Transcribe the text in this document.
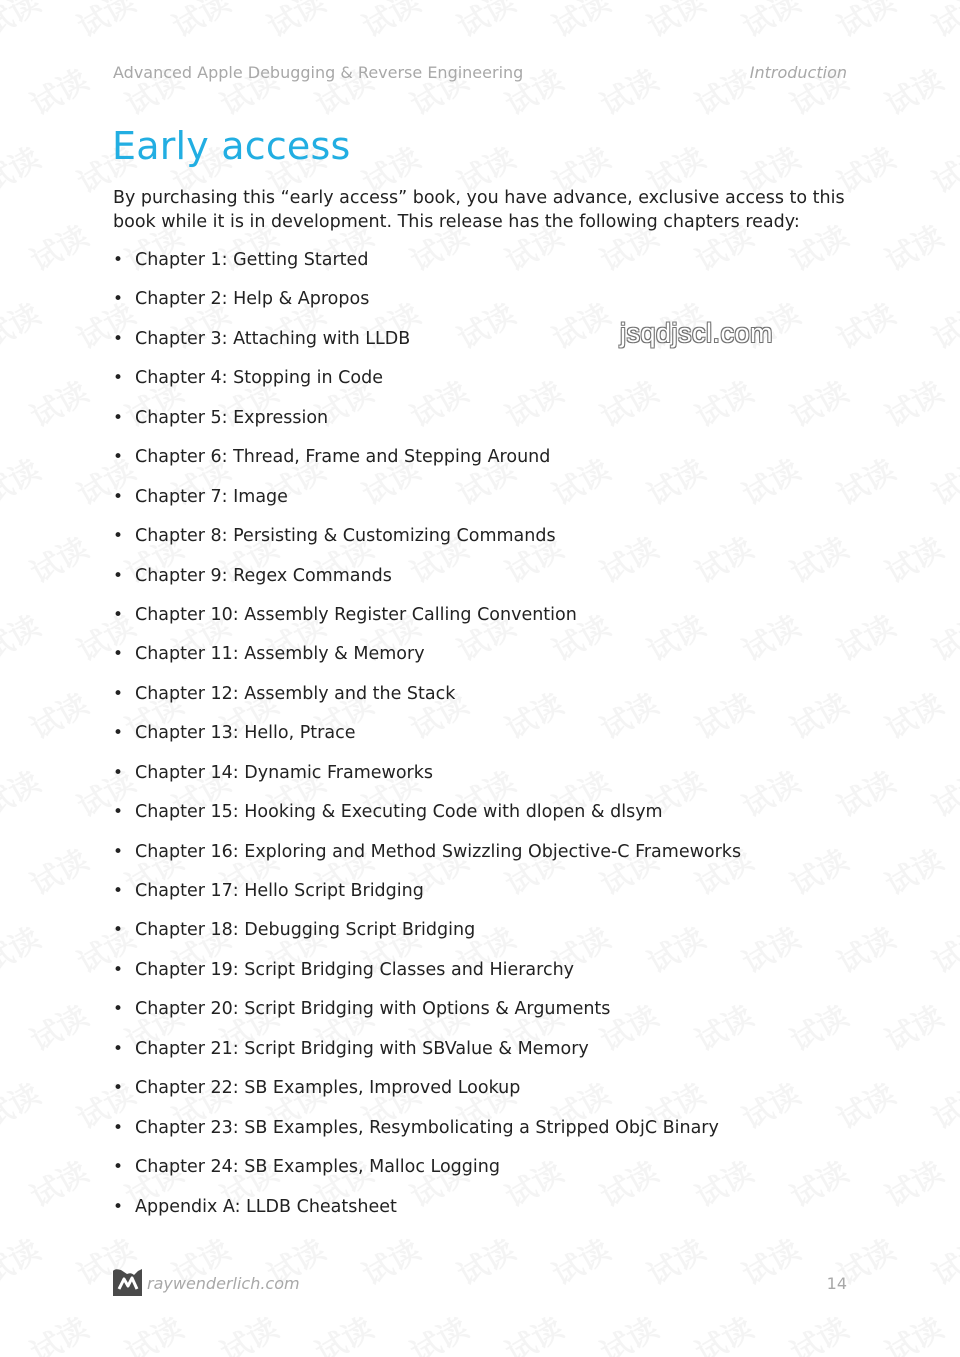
Advanced Apple Debugging & Reverse Engineering	Introduction
Early access

By purchasing this “early access” book, you have advance, exclusive access to this book while it is in development. This release has the following chapters ready:

• Chapter 1: Getting Started
• Chapter 2: Help & Apropos
• Chapter 3: Attaching with LLDB
• Chapter 4: Stopping in Code
• Chapter 5: Expression
• Chapter 6: Thread, Frame and Stepping Around
• Chapter 7: Image
• Chapter 8: Persisting & Customizing Commands
• Chapter 9: Regex Commands
• Chapter 10: Assembly Register Calling Convention
• Chapter 11: Assembly & Memory
• Chapter 12: Assembly and the Stack
• Chapter 13: Hello, Ptrace
• Chapter 14: Dynamic Frameworks
• Chapter 15: Hooking & Executing Code with dlopen & dlsym
• Chapter 16: Exploring and Method Swizzling Objective-C Frameworks
• Chapter 17: Hello Script Bridging
• Chapter 18: Debugging Script Bridging
• Chapter 19: Script Bridging Classes and Hierarchy
• Chapter 20: Script Bridging with Options & Arguments
• Chapter 21: Script Bridging with SBValue & Memory
• Chapter 22: SB Examples, Improved Lookup
• Chapter 23: SB Examples, Resymbolicating a Stripped ObjC Binary
• Chapter 24: SB Examples, Malloc Logging
• Appendix A: LLDB Cheatsheet
jsqdjscl.com
raywenderlich.com	14
